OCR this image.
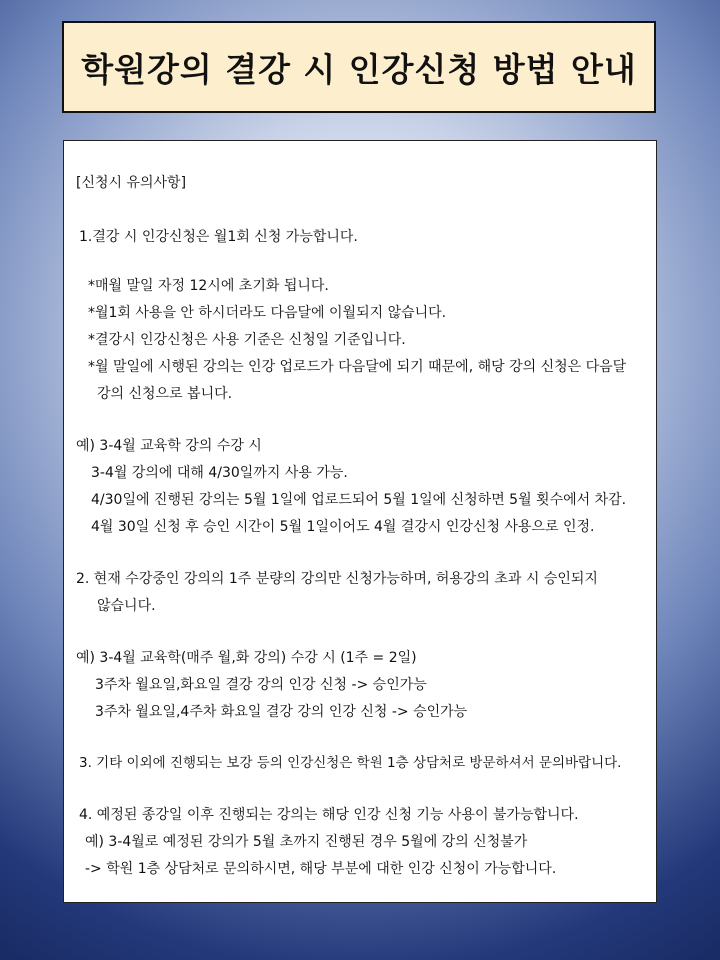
학원강의 결강 시 인강신청 방법 안내
[신청시 유의사항]
1.결강 시 인강신청은 월1회 신청 가능합니다.
*매월 말일 자정 12시에 초기화 됩니다.
*월1회 사용을 안 하시더라도 다음달에 이월되지 않습니다.
*결강시 인강신청은 사용 기준은 신청일 기준입니다.
*월 말일에 시행된 강의는 인강 업로드가 다음달에 되기 때문에, 해당 강의 신청은 다음달
강의 신청으로 봅니다.
예) 3-4월 교육학 강의 수강 시
3-4월 강의에 대해 4/30일까지 사용 가능.
4/30일에 진행된 강의는 5월 1일에 업로드되어 5월 1일에 신청하면 5월 횟수에서 차감.
4월 30일 신청 후 승인 시간이 5월 1일이어도 4월 결강시 인강신청 사용으로 인정.
2. 현재 수강중인 강의의 1주 분량의 강의만 신청가능하며, 허용강의 초과 시 승인되지
않습니다.
예) 3-4월 교육학(매주 월,화 강의) 수강 시 (1주 = 2일)
3주차 월요일,화요일 결강 강의 인강 신청 -> 승인가능
3주차 월요일,4주차 화요일 결강 강의 인강 신청 -> 승인가능
3. 기타 이외에 진행되는 보강 등의 인강신청은 학원 1층 상담처로 방문하셔서 문의바랍니다.
4. 예정된 종강일 이후 진행되는 강의는 해당 인강 신청 기능 사용이 불가능합니다.
예) 3-4월로 예정된 강의가 5월 초까지 진행된 경우 5월에 강의 신청불가
-> 학원 1층 상담처로 문의하시면, 해당 부분에 대한 인강 신청이 가능합니다.
